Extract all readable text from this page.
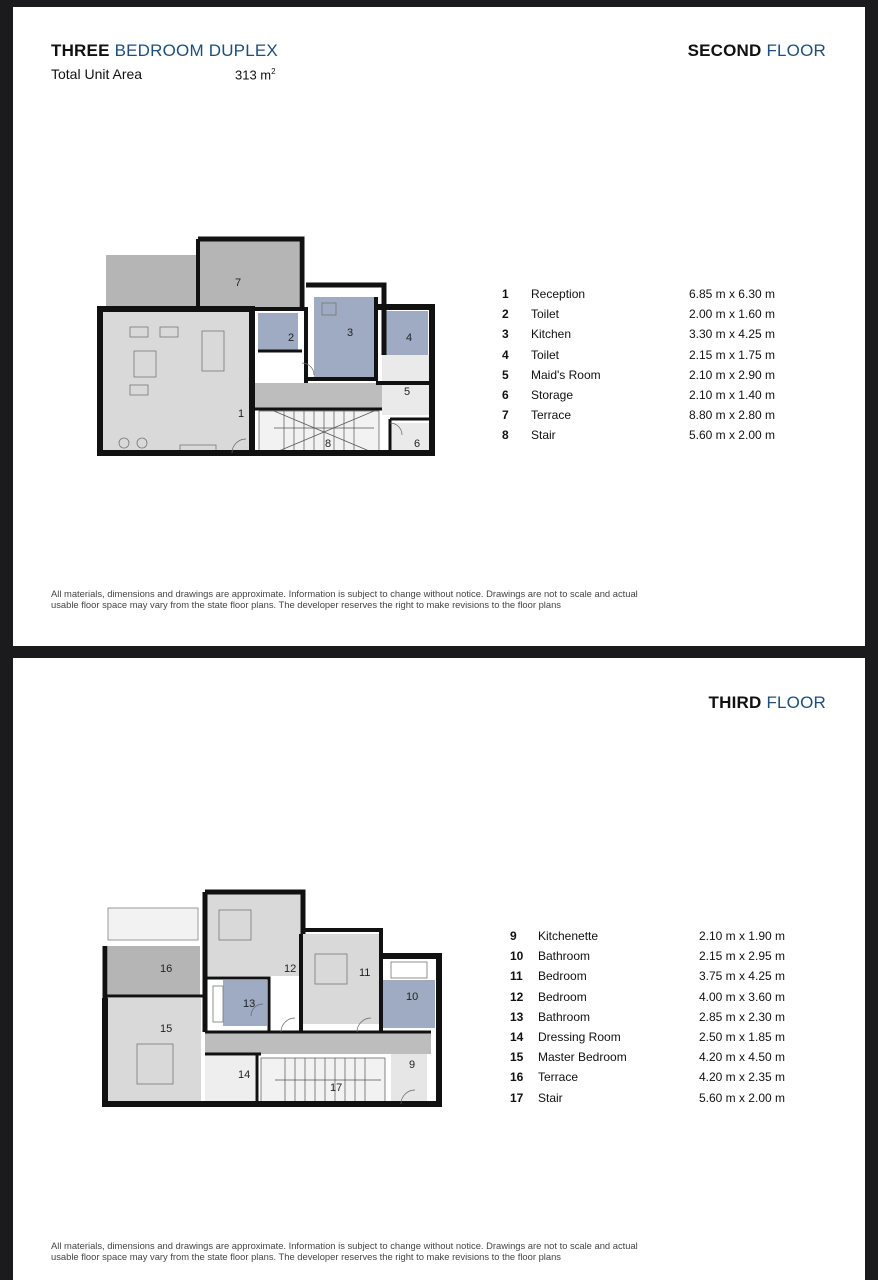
THREE BEDROOM DUPLEX	SECOND FLOOR
Total Unit Area	313 $m^2$
1
2	3	4
5
6
7
8
1 Reception	6.85 m x 6.30 m
2 Toilet	2.00 m x 1.60 m
3 Kitchen	3.30 m x 4.25 m
4 Toilet	2.15 m x 1.75 m
5 Maid's Room	2.10 m x 2.90 m
6 Storage	2.10 m x 1.40 m
7 Terrace	8.80 m x 2.80 m
8 Stair	5.60 m x 2.00 m
All materials, dimensions and drawings are approximate. Information is subject to change without notice. Drawings are not to scale and actual
usable floor space may vary from the state floor plans. The developer reserves the right to make revisions to the floor plans
THIRD FLOOR
10
9
11
12
13
14
15
16
17
9 Kitchenette	2.10 m x 1.90 m
10 Bathroom	2.15 m x 2.95 m
11 Bedroom	3.75 m x 4.25 m
12 Bedroom	4.00 m x 3.60 m
13 Bathroom	2.85 m x 2.30 m
14 Dressing Room	2.50 m x 1.85 m
15 Master Bedroom	4.20 m x 4.50 m
16 Terrace	4.20 m x 2.35 m
17 Stair	5.60 m x 2.00 m
All materials, dimensions and drawings are approximate. Information is subject to change without notice. Drawings are not to scale and actual
usable floor space may vary from the state floor plans. The developer reserves the right to make revisions to the floor plans
